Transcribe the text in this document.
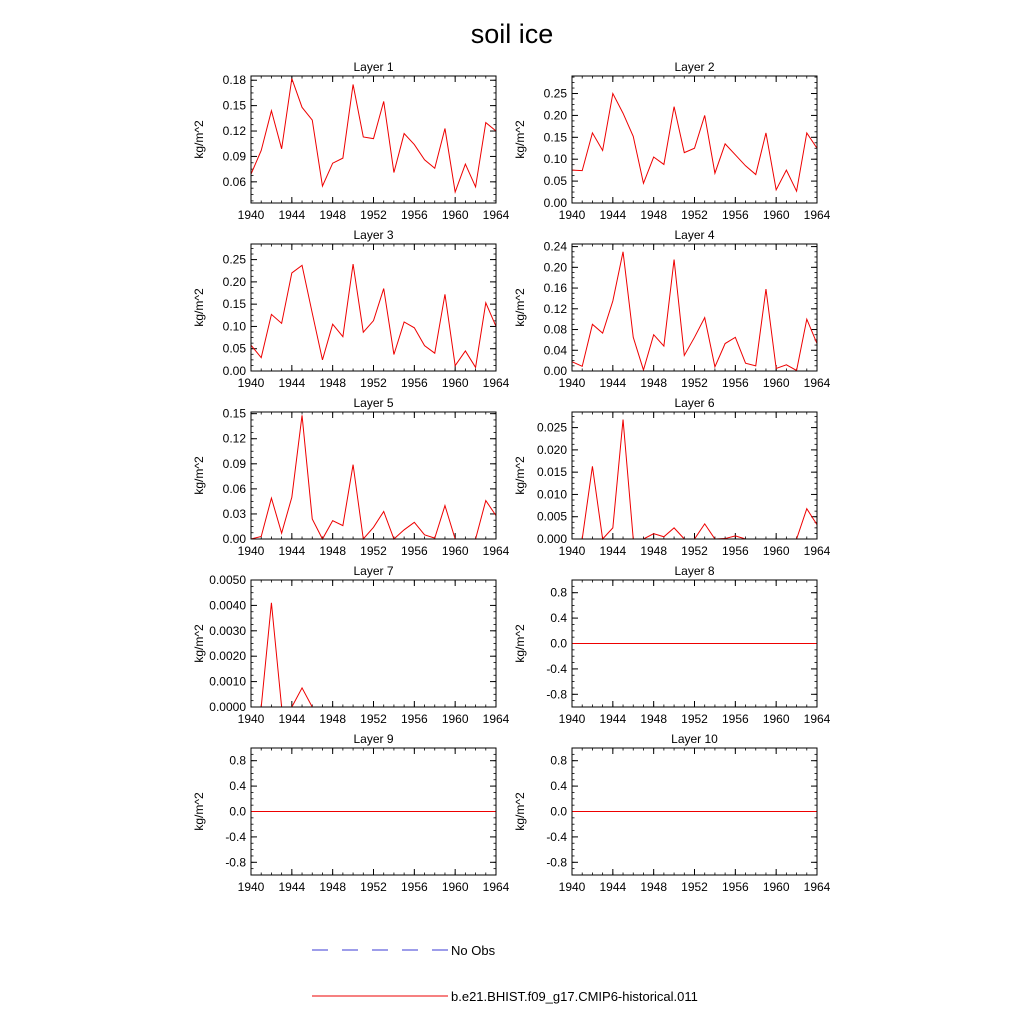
soil ice
Layer 1
kg/m^2
1940 1944 1948 1952 1956 1960 1964
0.06
0.09
0.12
0.15
0.18
Layer 2
kg/m^2
1940 1944 1948 1952 1956 1960 1964
0.00
0.05
0.10
0.15
0.20
0.25
Layer 3
kg/m^2
1940 1944 1948 1952 1956 1960 1964
0.00
0.05
0.10
0.15
0.20
0.25
Layer 4
kg/m^2
1940 1944 1948 1952 1956 1960 1964
0.00
0.04
0.08
0.12
0.16
0.20
0.24
Layer 5
kg/m^2
1940 1944 1948 1952 1956 1960 1964
0.00
0.03
0.06
0.09
0.12
0.15
Layer 6
kg/m^2
1940 1944 1948 1952 1956 1960 1964
0.000
0.005
0.010
0.015
0.020
0.025
Layer 7
kg/m^2
1940 1944 1948 1952 1956 1960 1964
0.0000
0.0010
0.0020
0.0030
0.0040
0.0050
Layer 8
kg/m^2
1940 1944 1948 1952 1956 1960 1964
-0.8
-0.4
0.0
0.4
0.8
Layer 9
kg/m^2
1940 1944 1948 1952 1956 1960 1964
-0.8
-0.4
0.0
0.4
0.8
Layer 10
kg/m^2
1940 1944 1948 1952 1956 1960 1964
-0.8
-0.4
0.0
0.4
0.8
No Obs
b.e21.BHIST.f09_g17.CMIP6-historical.011
